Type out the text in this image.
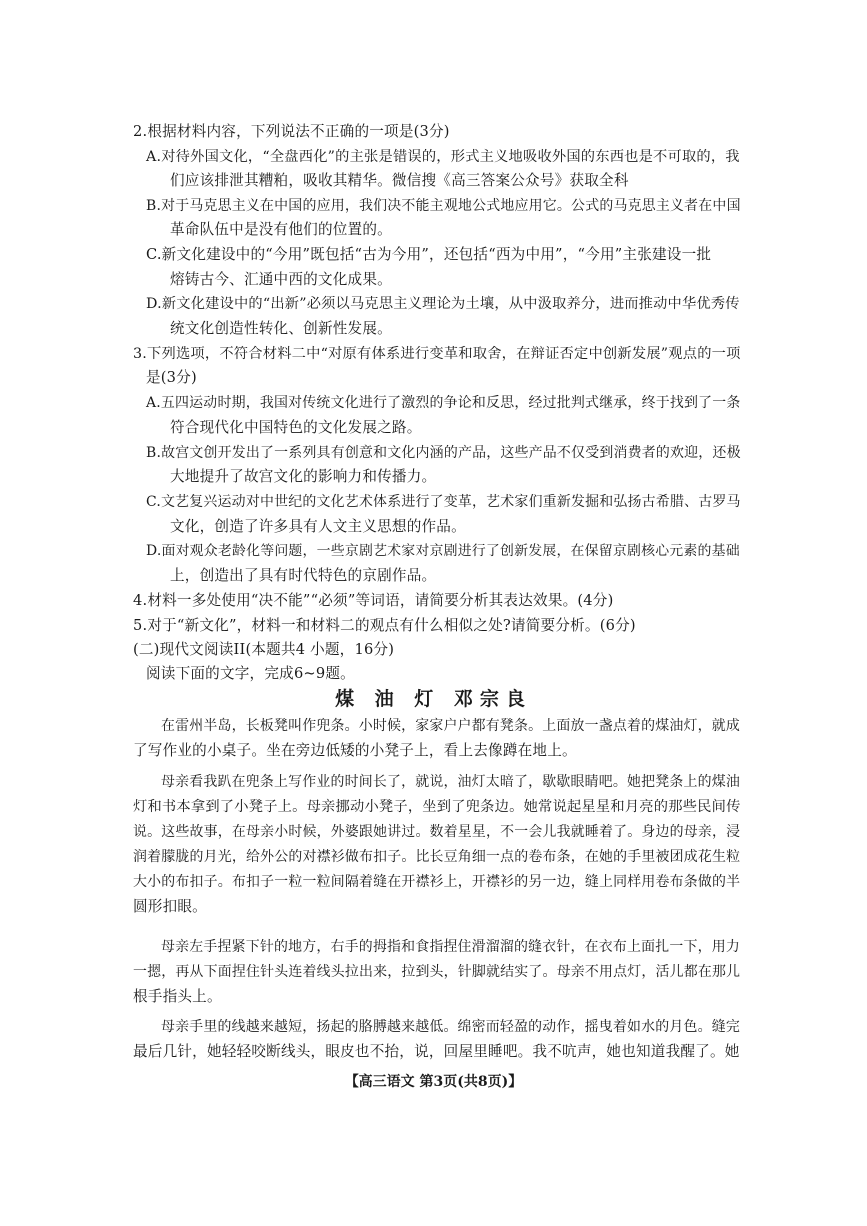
2.根据材料内容，下列说法不正确的一项是(3分)
A.对待外国文化，“全盘西化”的主张是错误的，形式主义地吸收外国的东西也是不可取的，我
们应该排泄其糟粕，吸收其精华。微信搜《高三答案公众号》获取全科
B.对于马克思主义在中国的应用，我们决不能主观地公式地应用它。公式的马克思主义者在中国
革命队伍中是没有他们的位置的。
C.新文化建设中的“今用”既包括“古为今用”，还包括“西为中用”，“今用”主张建设一批
熔铸古今、汇通中西的文化成果。
D.新文化建设中的“出新”必须以马克思主义理论为土壤，从中汲取养分，进而推动中华优秀传
统文化创造性转化、创新性发展。
3.下列选项，不符合材料二中“对原有体系进行变革和取舍，在辩证否定中创新发展”观点的一项
是(3分)
A.五四运动时期，我国对传统文化进行了激烈的争论和反思，经过批判式继承，终于找到了一条
符合现代化中国特色的文化发展之路。
B.故宫文创开发出了一系列具有创意和文化内涵的产品，这些产品不仅受到消费者的欢迎，还极
大地提升了故宫文化的影响力和传播力。
C.文艺复兴运动对中世纪的文化艺术体系进行了变革，艺术家们重新发掘和弘扬古希腊、古罗马
文化，创造了许多具有人文主义思想的作品。
D.面对观众老龄化等问题，一些京剧艺术家对京剧进行了创新发展，在保留京剧核心元素的基础
上，创造出了具有时代特色的京剧作品。
4.材料一多处使用“决不能”“必须”等词语，请简要分析其表达效果。(4分)
5.对于“新文化”，材料一和材料二的观点有什么相似之处?请简要分析。(6分)
(二)现代文阅读II(本题共4 小题，16分)
阅读下面的文字，完成6~9题。
煤 油 灯 邓宗良
在雷州半岛，长板凳叫作兜条。小时候，家家户户都有凳条。上面放一盏点着的煤油灯，就成
了写作业的小桌子。坐在旁边低矮的小凳子上，看上去像蹲在地上。
母亲看我趴在兜条上写作业的时间长了，就说，油灯太暗了，歇歇眼睛吧。她把凳条上的煤油
灯和书本拿到了小凳子上。母亲挪动小凳子，坐到了兜条边。她常说起星星和月亮的那些民间传
说。这些故事，在母亲小时候，外婆跟她讲过。数着星星，不一会儿我就睡着了。身边的母亲，浸
润着朦胧的月光，给外公的对襟衫做布扣子。比长豆角细一点的卷布条，在她的手里被团成花生粒
大小的布扣子。布扣子一粒一粒间隔着缝在开襟衫上，开襟衫的另一边，缝上同样用卷布条做的半
圆形扣眼。
母亲左手捏紧下针的地方，右手的拇指和食指捏住滑溜溜的缝衣针，在衣布上面扎一下，用力
一摁，再从下面捏住针头连着线头拉出来，拉到头，针脚就结实了。母亲不用点灯，活儿都在那儿
根手指头上。
母亲手里的线越来越短，扬起的胳膊越来越低。绵密而轻盈的动作，摇曳着如水的月色。缝完
最后几针，她轻轻咬断线头，眼皮也不抬，说，回屋里睡吧。我不吭声，她也知道我醒了。她
【高三语文 第3页(共8页)】
